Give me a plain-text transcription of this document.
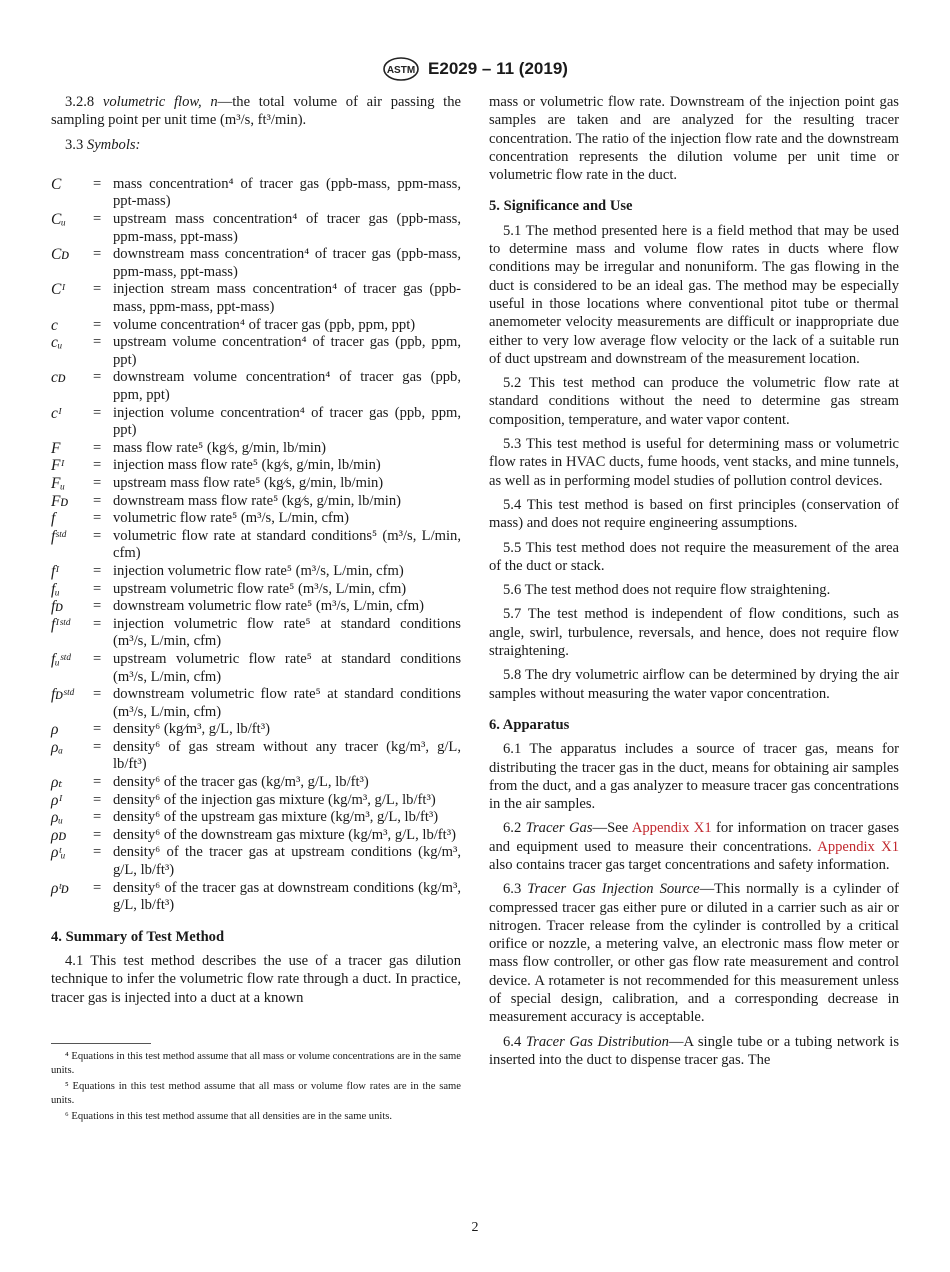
ASTM E2029 – 11 (2019)

3.2.8 volumetric flow, n—the total volume of air passing the sampling point per unit time (m³/s, ft³/min).

3.3 Symbols:

C	= mass concentration⁴ of tracer gas (ppb-mass, ppm-mass, ppt-mass)
Cᵤ	= upstream mass concentration⁴ of tracer gas (ppb-mass, ppm-mass, ppt-mass)
Cᴅ	= downstream mass concentration⁴ of tracer gas (ppb-mass, ppm-mass, ppt-mass)
Cᴵ	= injection stream mass concentration⁴ of tracer gas (ppb-mass, ppm-mass, ppt-mass)
c	= volume concentration⁴ of tracer gas (ppb, ppm, ppt)
cᵤ	= upstream volume concentration⁴ of tracer gas (ppb, ppm, ppt)
cᴅ	= downstream volume concentration⁴ of tracer gas (ppb, ppm, ppt)
cᴵ	= injection volume concentration⁴ of tracer gas (ppb, ppm, ppt)
F	= mass flow rate⁵ (kg⁄s, g/min, lb/min)
Fᴵ	= injection mass flow rate⁵ (kg⁄s, g/min, lb/min)
Fᵤ	= upstream mass flow rate⁵ (kg⁄s, g/min, lb/min)
Fᴅ	= downstream mass flow rate⁵ (kg⁄s, g/min, lb/min)
f	= volumetric flow rate⁵ (m³/s, L/min, cfm)
fˢᵗᵈ	= volumetric flow rate at standard conditions⁵ (m³/s, L/min, cfm)
fᴵ	= injection volumetric flow rate⁵ (m³/s, L/min, cfm)
fᵤ	= upstream volumetric flow rate⁵ (m³/s, L/min, cfm)
fᴅ	= downstream volumetric flow rate⁵ (m³/s, L/min, cfm)
fᴵˢᵗᵈ	= injection volumetric flow rate⁵ at standard conditions (m³/s, L/min, cfm)
fᵤˢᵗᵈ	= upstream volumetric flow rate⁵ at standard conditions (m³/s, L/min, cfm)
fᴅˢᵗᵈ	= downstream volumetric flow rate⁵ at standard conditions (m³/s, L/min, cfm)
ρ	= density⁶ (kg⁄m³, g/L, lb/ft³)
ρₐ	= density⁶ of gas stream without any tracer (kg/m³, g/L, lb/ft³)
ρₜ	= density⁶ of the tracer gas (kg/m³, g/L, lb/ft³)
ρᴵ	= density⁶ of the injection gas mixture (kg/m³, g/L, lb/ft³)
ρᵤ	= density⁶ of the upstream gas mixture (kg/m³, g/L, lb/ft³)
ρᴅ	= density⁶ of the downstream gas mixture (kg/m³, g/L, lb/ft³)
ρᵗᵤ	= density⁶ of the tracer gas at upstream conditions (kg/m³, g/L, lb/ft³)
ρᵗᴅ	= density⁶ of the tracer gas at downstream conditions (kg/m³, g/L, lb/ft³)

4. Summary of Test Method

4.1 This test method describes the use of a tracer gas dilution technique to infer the volumetric flow rate through a duct. In practice, tracer gas is injected into a duct at a known

⁴ Equations in this test method assume that all mass or volume concentrations are in the same units.
⁵ Equations in this test method assume that all mass or volume flow rates are in the same units.
⁶ Equations in this test method assume that all densities are in the same units.

mass or volumetric flow rate. Downstream of the injection point gas samples are taken and are analyzed for the resulting tracer concentration. The ratio of the injection flow rate and the downstream concentration represents the dilution volume per unit time or volumetric flow rate in the duct.

5. Significance and Use

5.1 The method presented here is a field method that may be used to determine mass and volume flow rates in ducts where flow conditions may be irregular and nonuniform. The gas flowing in the duct is considered to be an ideal gas. The method may be especially useful in those locations where conventional pitot tube or thermal anemometer velocity measurements are difficult or inappropriate due either to very low average flow velocity or the lack of a suitable run of duct upstream and downstream of the measurement location.

5.2 This test method can produce the volumetric flow rate at standard conditions without the need to determine gas stream composition, temperature, and water vapor content.

5.3 This test method is useful for determining mass or volumetric flow rates in HVAC ducts, fume hoods, vent stacks, and mine tunnels, as well as in performing model studies of pollution control devices.

5.4 This test method is based on first principles (conservation of mass) and does not require engineering assumptions.

5.5 This test method does not require the measurement of the area of the duct or stack.

5.6 The test method does not require flow straightening.

5.7 The test method is independent of flow conditions, such as angle, swirl, turbulence, reversals, and hence, does not require flow straightening.

5.8 The dry volumetric airflow can be determined by drying the air samples without measuring the water vapor concentration.

6. Apparatus

6.1 The apparatus includes a source of tracer gas, means for distributing the tracer gas in the duct, means for obtaining air samples from the duct, and a gas analyzer to measure tracer gas concentrations in the air samples.

6.2 Tracer Gas—See Appendix X1 for information on tracer gases and equipment used to measure their concentrations. Appendix X1 also contains tracer gas target concentrations and safety information.

6.3 Tracer Gas Injection Source—This normally is a cylinder of compressed tracer gas either pure or diluted in a carrier such as air or nitrogen. Tracer release from the cylinder is controlled by a critical orifice or nozzle, a metering valve, an electronic mass flow meter or mass flow controller, or other gas flow rate measurement and control device. A rotameter is not recommended for this measurement unless of special design, calibration, and a corresponding decrease in measurement accuracy is acceptable.

6.4 Tracer Gas Distribution—A single tube or a tubing network is inserted into the duct to dispense tracer gas. The

2
